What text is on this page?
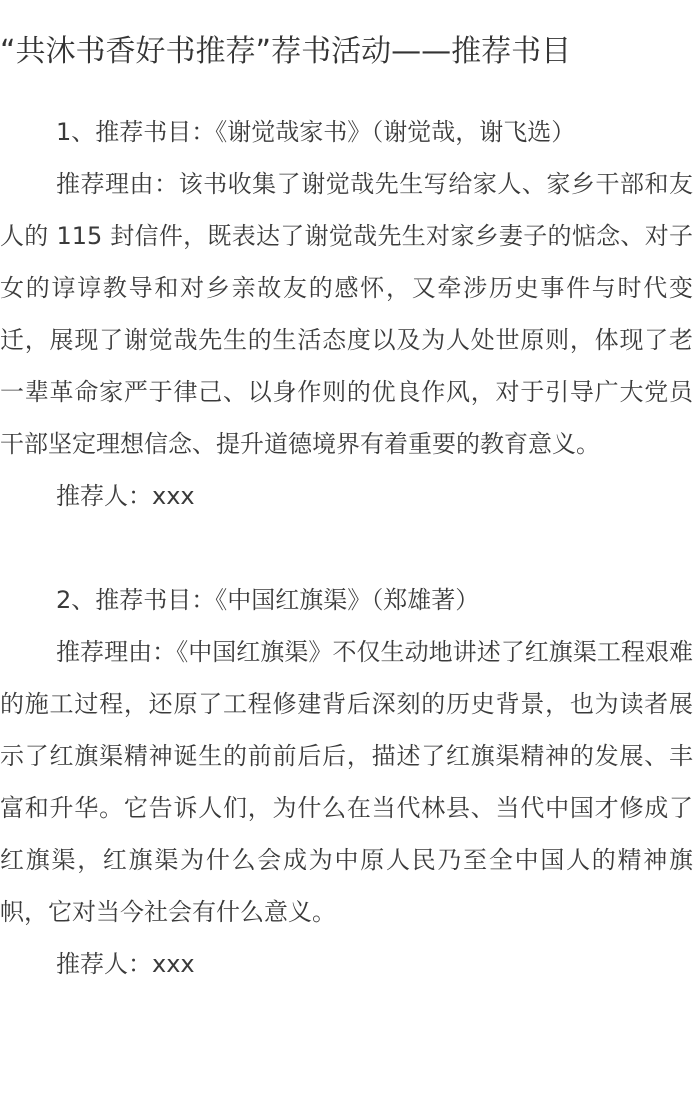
“共沐书香好书推荐”荐书活动——推荐书目

1、推荐书目：《谢觉哉家书》（谢觉哉，谢飞选）

推荐理由：该书收集了谢觉哉先生写给家人、家乡干部和友人的 115 封信件，既表达了谢觉哉先生对家乡妻子的惦念、对子女的谆谆教导和对乡亲故友的感怀，又牵涉历史事件与时代变迁，展现了谢觉哉先生的生活态度以及为人处世原则，体现了老一辈革命家严于律己、以身作则的优良作风，对于引导广大党员干部坚定理想信念、提升道德境界有着重要的教育意义。

推荐人：xxx

2、推荐书目：《中国红旗渠》（郑雄著）

推荐理由：《中国红旗渠》不仅生动地讲述了红旗渠工程艰难的施工过程，还原了工程修建背后深刻的历史背景，也为读者展示了红旗渠精神诞生的前前后后，描述了红旗渠精神的发展、丰富和升华。它告诉人们，为什么在当代林县、当代中国才修成了红旗渠，红旗渠为什么会成为中原人民乃至全中国人的精神旗帜，它对当今社会有什么意义。

推荐人：xxx
